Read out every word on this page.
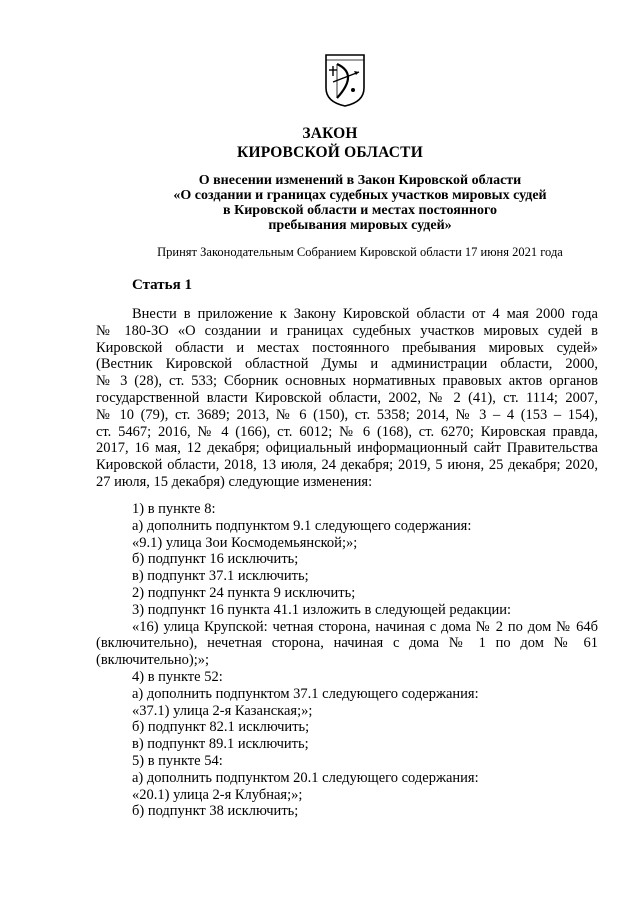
ЗАКОН
КИРОВСКОЙ ОБЛАСТИ
О внесении изменений в Закон Кировской области
«О создании и границах судебных участков мировых судей
в Кировской области и местах постоянного
пребывания мировых судей»
Принят Законодательным Собранием Кировской области 17 июня 2021 года
Статья 1
Внести в приложение к Закону Кировской области от 4 мая 2000 года
№ 180-ЗО «О создании и границах судебных участков мировых судей в
Кировской области и местах постоянного пребывания мировых судей»
(Вестник Кировской областной Думы и администрации области, 2000,
№ 3 (28), ст. 533; Сборник основных нормативных правовых актов органов
государственной власти Кировской области, 2002, № 2 (41), ст. 1114; 2007,
№ 10 (79), ст. 3689; 2013, № 6 (150), ст. 5358; 2014, № 3 – 4 (153 – 154),
ст. 5467; 2016, № 4 (166), ст. 6012; № 6 (168), ст. 6270; Кировская правда,
2017, 16 мая, 12 декабря; официальный информационный сайт Правительства
Кировской области, 2018, 13 июля, 24 декабря; 2019, 5 июня, 25 декабря; 2020,
27 июля, 15 декабря) следующие изменения:
1) в пункте 8:
а) дополнить подпунктом 9.1 следующего содержания:
«9.1) улица Зои Космодемьянской;»;
б) подпункт 16 исключить;
в) подпункт 37.1 исключить;
2) подпункт 24 пункта 9 исключить;
3) подпункт 16 пункта 41.1 изложить в следующей редакции:
«16) улица Крупской: четная сторона, начиная с дома № 2 по дом № 64б
(включительно), нечетная сторона, начиная с дома № 1 по дом № 61
(включительно);»;
4) в пункте 52:
а) дополнить подпунктом 37.1 следующего содержания:
«37.1) улица 2-я Казанская;»;
б) подпункт 82.1 исключить;
в) подпункт 89.1 исключить;
5) в пункте 54:
а) дополнить подпунктом 20.1 следующего содержания:
«20.1) улица 2-я Клубная;»;
б) подпункт 38 исключить;
